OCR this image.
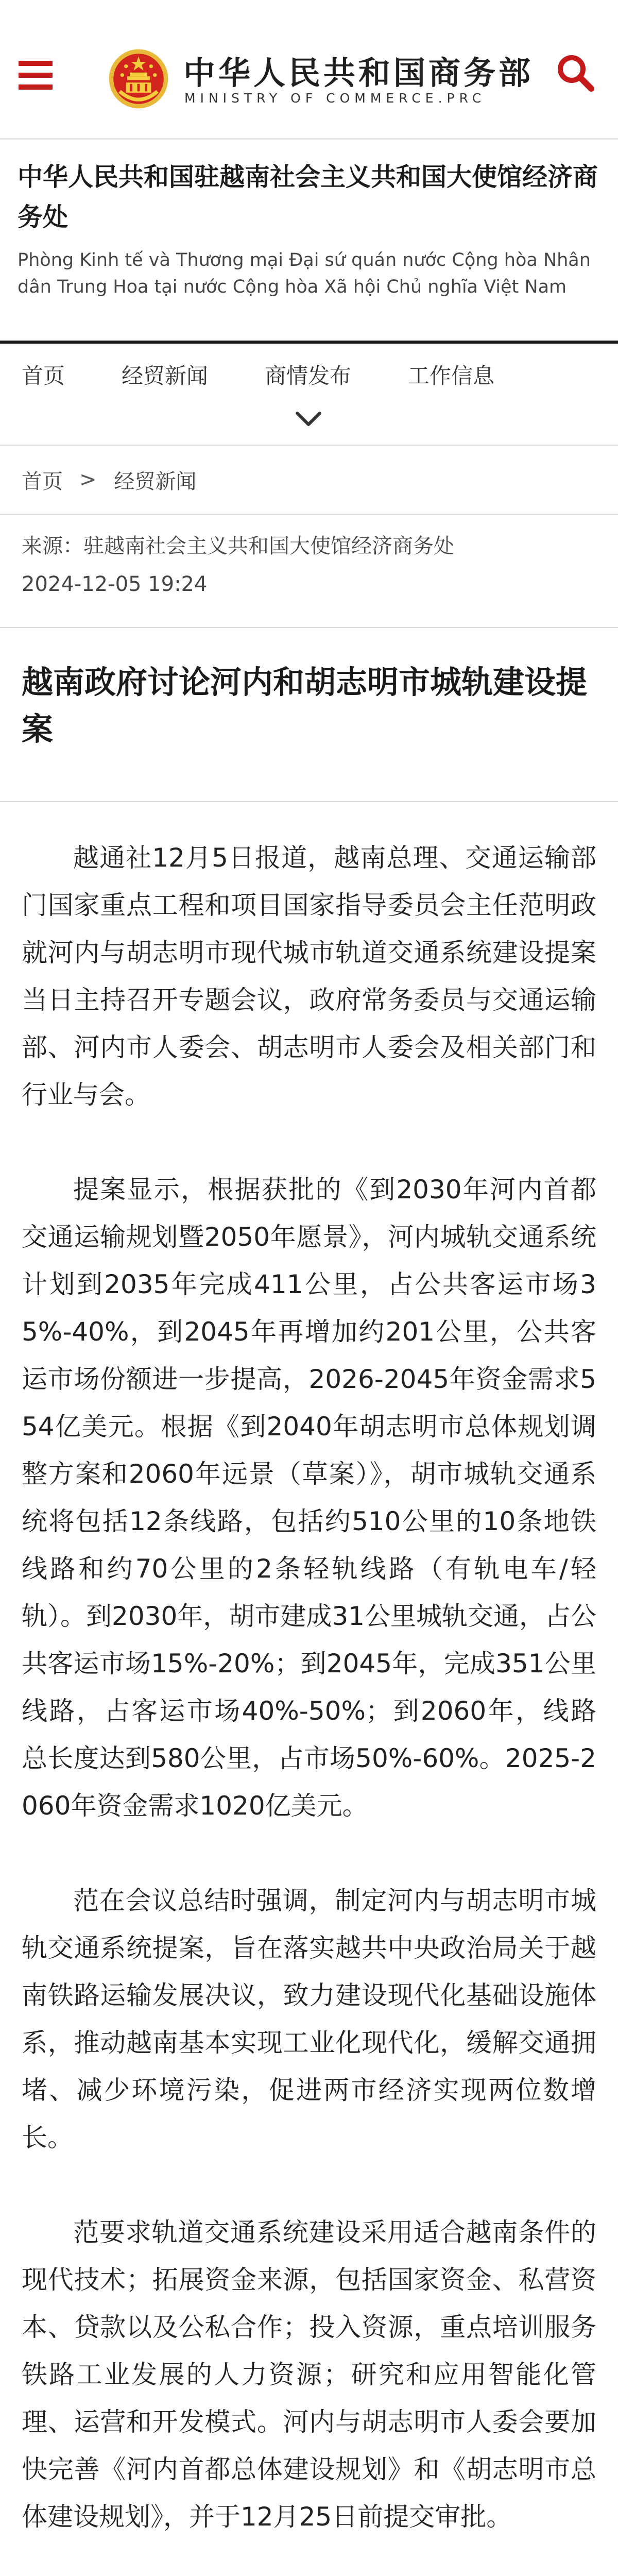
中华人民共和国商务部
MINISTRY OF COMMERCE.PRC
中华人民共和国驻越南社会主义共和国大使馆经济商务处
Phòng Kinh tế và Thương mại Đại sứ quán nước Cộng hòa Nhân dân Trung Hoa tại nước Cộng hòa Xã hội Chủ nghĩa Việt Nam
首页	经贸新闻	商情发布	工作信息
首页 > 经贸新闻
来源：驻越南社会主义共和国大使馆经济商务处
2024-12-05 19:24
越南政府讨论河内和胡志明市城轨建设提案

越通社12月5日报道，越南总理、交通运输部门国家重点工程和项目国家指导委员会主任范明政就河内与胡志明市现代城市轨道交通系统建设提案当日主持召开专题会议，政府常务委员与交通运输部、河内市人委会、胡志明市人委会及相关部门和行业与会。

提案显示，根据获批的《到2030年河内首都交通运输规划暨2050年愿景》，河内城轨交通系统计划到2035年完成411公里，占公共客运市场35%-40%，到2045年再增加约201公里，公共客运市场份额进一步提高，2026-2045年资金需求554亿美元。根据《到2040年胡志明市总体规划调整方案和2060年远景（草案）》，胡市城轨交通系统将包括12条线路，包括约510公里的10条地铁线路和约70公里的2条轻轨线路（有轨电车/轻轨）。到2030年，胡市建成31公里城轨交通，占公共客运市场15%-20%；到2045年，完成351公里线路，占客运市场40%-50%；到2060年，线路总长度达到580公里，占市场50%-60%。2025-2060年资金需求1020亿美元。

范在会议总结时强调，制定河内与胡志明市城轨交通系统提案，旨在落实越共中央政治局关于越南铁路运输发展决议，致力建设现代化基础设施体系，推动越南基本实现工业化现代化，缓解交通拥堵、减少环境污染，促进两市经济实现两位数增长。

范要求轨道交通系统建设采用适合越南条件的现代技术；拓展资金来源，包括国家资金、私营资本、贷款以及公私合作；投入资源，重点培训服务铁路工业发展的人力资源；研究和应用智能化管理、运营和开发模式。河内与胡志明市人委会要加快完善《河内首都总体建设规划》和《胡志明市总体建设规划》，并于12月25日前提交审批。
